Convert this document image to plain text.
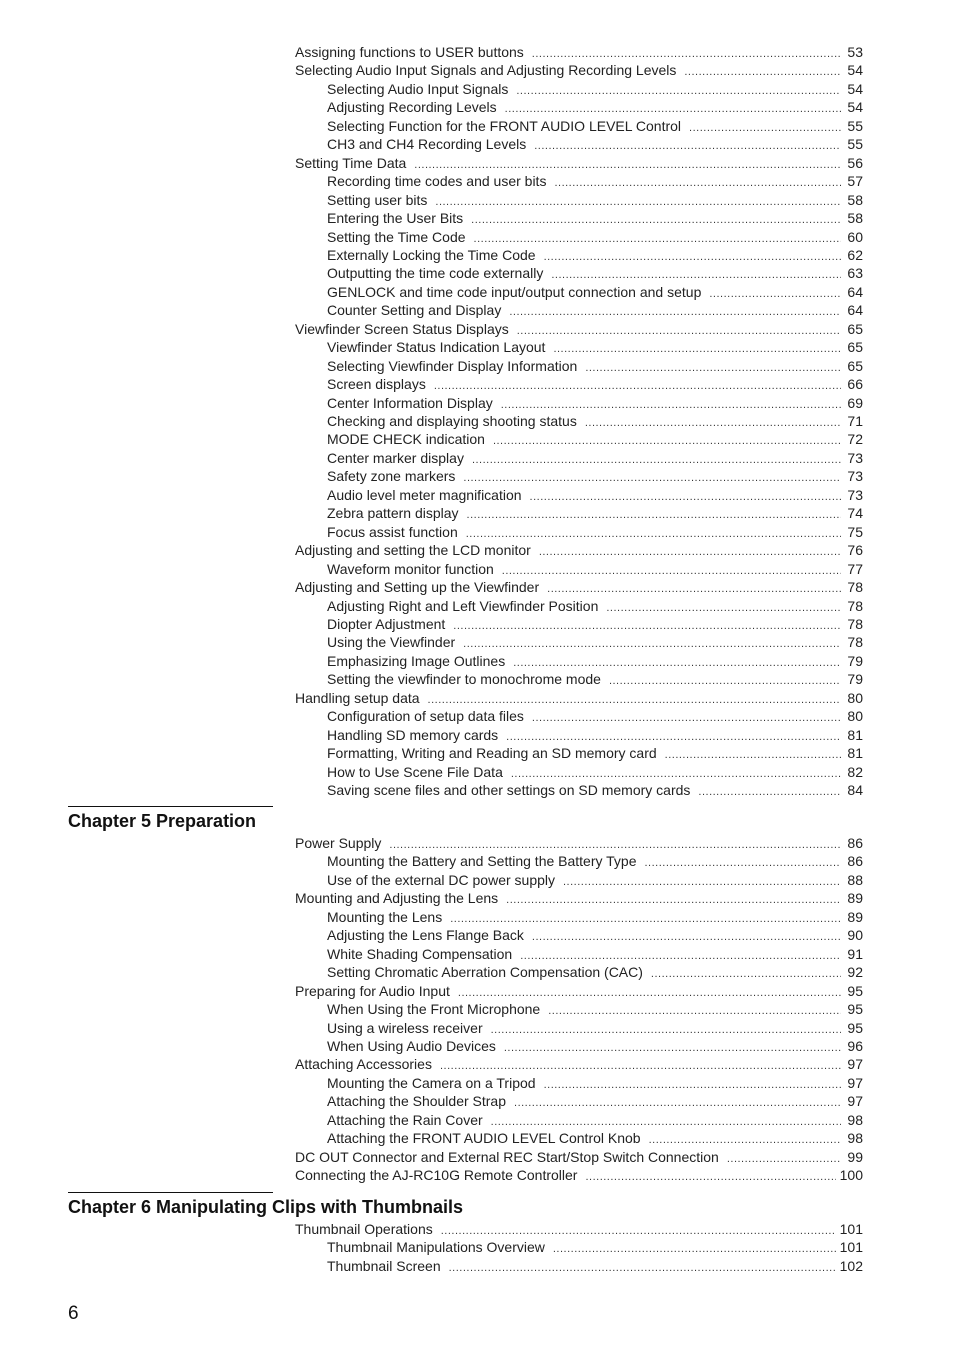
Assigning functions to USER buttons .....	53
Selecting Audio Input Signals and Adjusting Recording Levels .....	54
Selecting Audio Input Signals .....	54
Adjusting Recording Levels .....	54
Selecting Function for the FRONT AUDIO LEVEL Control .....	55
CH3 and CH4 Recording Levels .....	55
Setting Time Data .....	56
Recording time codes and user bits .....	57
Setting user bits .....	58
Entering the User Bits .....	58
Setting the Time Code .....	60
Externally Locking the Time Code .....	62
Outputting the time code externally .....	63
GENLOCK and time code input/output connection and setup .....	64
Counter Setting and Display .....	64
Viewfinder Screen Status Displays .....	65
Viewfinder Status Indication Layout .....	65
Selecting Viewfinder Display Information .....	65
Screen displays .....	66
Center Information Display .....	69
Checking and displaying shooting status .....	71
MODE CHECK indication .....	72
Center marker display .....	73
Safety zone markers .....	73
Audio level meter magnification .....	73
Zebra pattern display .....	74
Focus assist function .....	75
Adjusting and setting the LCD monitor .....	76
Waveform monitor function .....	77
Adjusting and Setting up the Viewfinder .....	78
Adjusting Right and Left Viewfinder Position .....	78
Diopter Adjustment .....	78
Using the Viewfinder .....	78
Emphasizing Image Outlines .....	79
Setting the viewfinder to monochrome mode .....	79
Handling setup data .....	80
Configuration of setup data files .....	80
Handling SD memory cards .....	81
Formatting, Writing and Reading an SD memory card .....	81
How to Use Scene File Data .....	82
Saving scene files and other settings on SD memory cards .....	84
Chapter 5 Preparation
Power Supply .....	86
Mounting the Battery and Setting the Battery Type .....	86
Use of the external DC power supply .....	88
Mounting and Adjusting the Lens .....	89
Mounting the Lens .....	89
Adjusting the Lens Flange Back .....	90
White Shading Compensation .....	91
Setting Chromatic Aberration Compensation (CAC) .....	92
Preparing for Audio Input .....	95
When Using the Front Microphone .....	95
Using a wireless receiver .....	95
When Using Audio Devices .....	96
Attaching Accessories .....	97
Mounting the Camera on a Tripod .....	97
Attaching the Shoulder Strap .....	97
Attaching the Rain Cover .....	98
Attaching the FRONT AUDIO LEVEL Control Knob .....	98
DC OUT Connector and External REC Start/Stop Switch Connection .....	99
Connecting the AJ-RC10G Remote Controller .....	100
Chapter 6 Manipulating Clips with Thumbnails
Thumbnail Operations .....	101
Thumbnail Manipulations Overview .....	101
Thumbnail Screen .....	102
6
